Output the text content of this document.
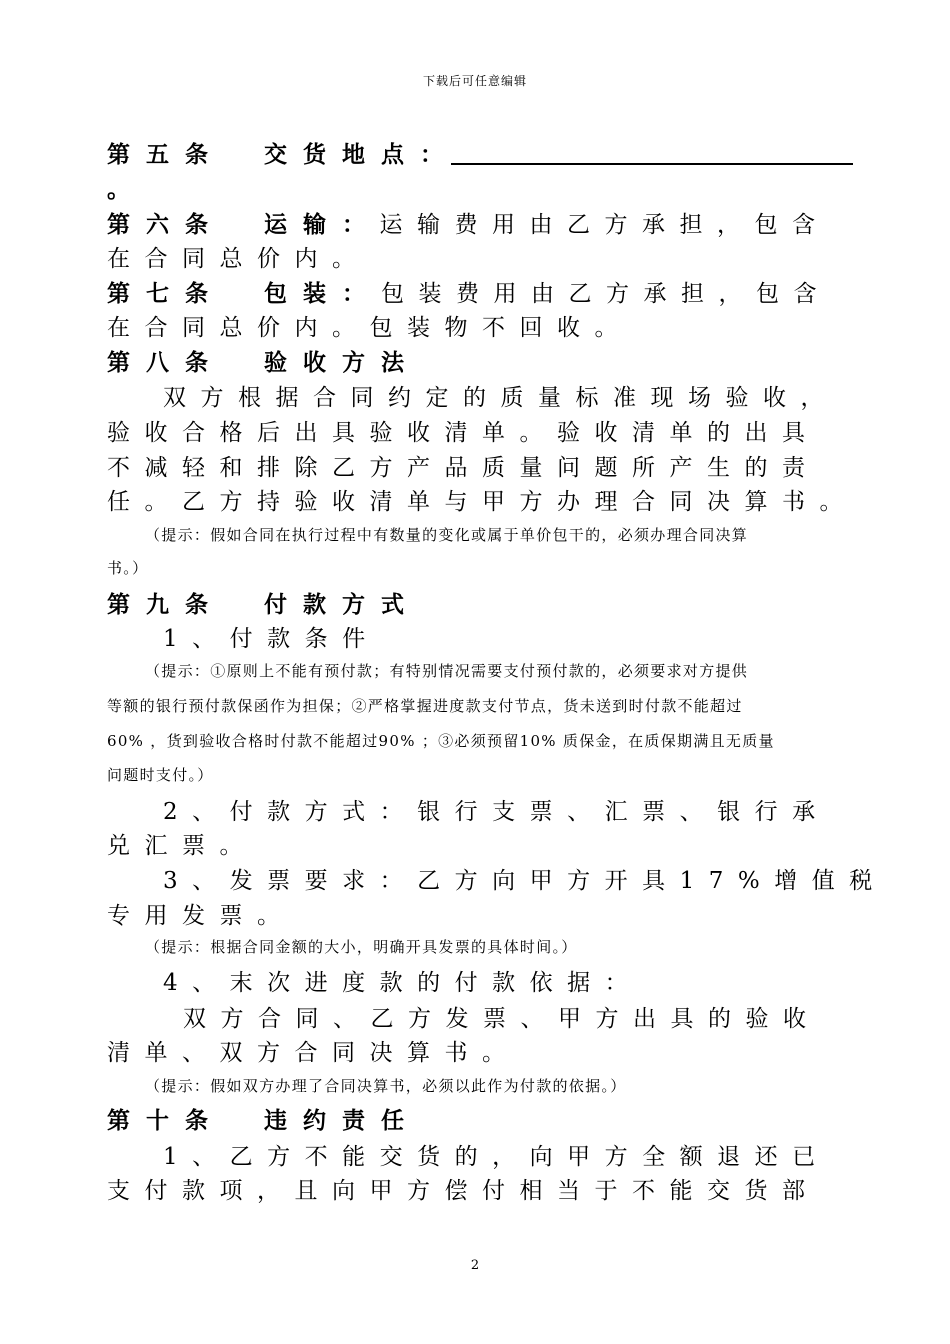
下载后可任意编辑
第五条 交货地点：
。
第六条 运输：运输费用由乙方承担，包含
在合同总价内。
第七条 包装：包装费用由乙方承担，包含
在合同总价内。包装物不回收。
第八条 验收方法
双方根据合同约定的质量标准现场验收，
验收合格后出具验收清单。验收清单的出具
不减轻和排除乙方产品质量问题所产生的责
任。乙方持验收清单与甲方办理合同决算书。
（提示：假如合同在执行过程中有数量的变化或属于单价包干的，必须办理合同决算
书。）
第九条 付款方式
1、付款条件
（提示：①原则上不能有预付款；有特别情况需要支付预付款的，必须要求对方提供
等额的银行预付款保函作为担保；②严格掌握进度款支付节点，货未送到时付款不能超过
60% ，货到验收合格时付款不能超过90% ；③必须预留10% 质保金，在质保期满且无质量
问题时支付。）
2、付款方式：银行支票、汇票、银行承
兑汇票。
3、发票要求：乙方向甲方开具17%增值税
专用发票。
（提示：根据合同金额的大小，明确开具发票的具体时间。）
4、末次进度款的付款依据：
双方合同、乙方发票、甲方出具的验收
清单、双方合同决算书。
（提示：假如双方办理了合同决算书，必须以此作为付款的依据。）
第十条 违约责任
1、乙方不能交货的，向甲方全额退还已
支付款项，且向甲方偿付相当于不能交货部
2
